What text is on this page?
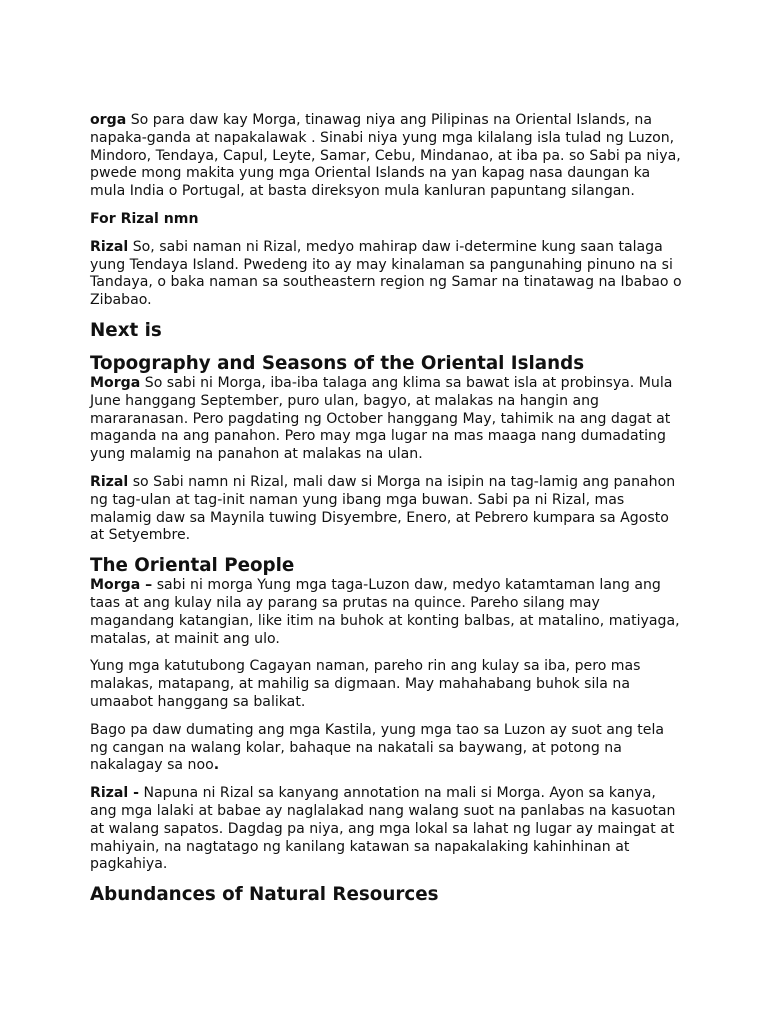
orga So para daw kay Morga, tinawag niya ang Pilipinas na Oriental Islands, na napaka-ganda at napakalawak . Sinabi niya yung mga kilalang isla tulad ng Luzon, Mindoro, Tendaya, Capul, Leyte, Samar, Cebu, Mindanao, at iba pa. so Sabi pa niya, pwede mong makita yung mga Oriental Islands na yan kapag nasa daungan ka mula India o Portugal, at basta direksyon mula kanluran papuntang silangan.

For Rizal nmn

Rizal So, sabi naman ni Rizal, medyo mahirap daw i-determine kung saan talaga yung Tendaya Island. Pwedeng ito ay may kinalaman sa pangunahing pinuno na si Tandaya, o baka naman sa southeastern region ng Samar na tinatawag na Ibabao o Zibabao.

Next is
Topography and Seasons of the Oriental Islands

Morga So sabi ni Morga, iba-iba talaga ang klima sa bawat isla at probinsya. Mula June hanggang September, puro ulan, bagyo, at malakas na hangin ang mararanasan. Pero pagdating ng October hanggang May, tahimik na ang dagat at maganda na ang panahon. Pero may mga lugar na mas maaga nang dumadating yung malamig na panahon at malakas na ulan.

Rizal so Sabi namn ni Rizal, mali daw si Morga na isipin na tag-lamig ang panahon ng tag-ulan at tag-init naman yung ibang mga buwan. Sabi pa ni Rizal, mas malamig daw sa Maynila tuwing Disyembre, Enero, at Pebrero kumpara sa Agosto at Setyembre.

The Oriental People

Morga – sabi ni morga Yung mga taga-Luzon daw, medyo katamtaman lang ang taas at ang kulay nila ay parang sa prutas na quince. Pareho silang may magandang katangian, like itim na buhok at konting balbas, at matalino, matiyaga, matalas, at mainit ang ulo.

Yung mga katutubong Cagayan naman, pareho rin ang kulay sa iba, pero mas malakas, matapang, at mahilig sa digmaan. May mahahabang buhok sila na umaabot hanggang sa balikat.

Bago pa daw dumating ang mga Kastila, yung mga tao sa Luzon ay suot ang tela ng cangan na walang kolar, bahaque na nakatali sa baywang, at potong na nakalagay sa noo.

Rizal - Napuna ni Rizal sa kanyang annotation na mali si Morga. Ayon sa kanya, ang mga lalaki at babae ay naglalakad nang walang suot na panlabas na kasuotan at walang sapatos. Dagdag pa niya, ang mga lokal sa lahat ng lugar ay maingat at mahiyain, na nagtatago ng kanilang katawan sa napakalaking kahinhinan at pagkahiya.

Abundances of Natural Resources
